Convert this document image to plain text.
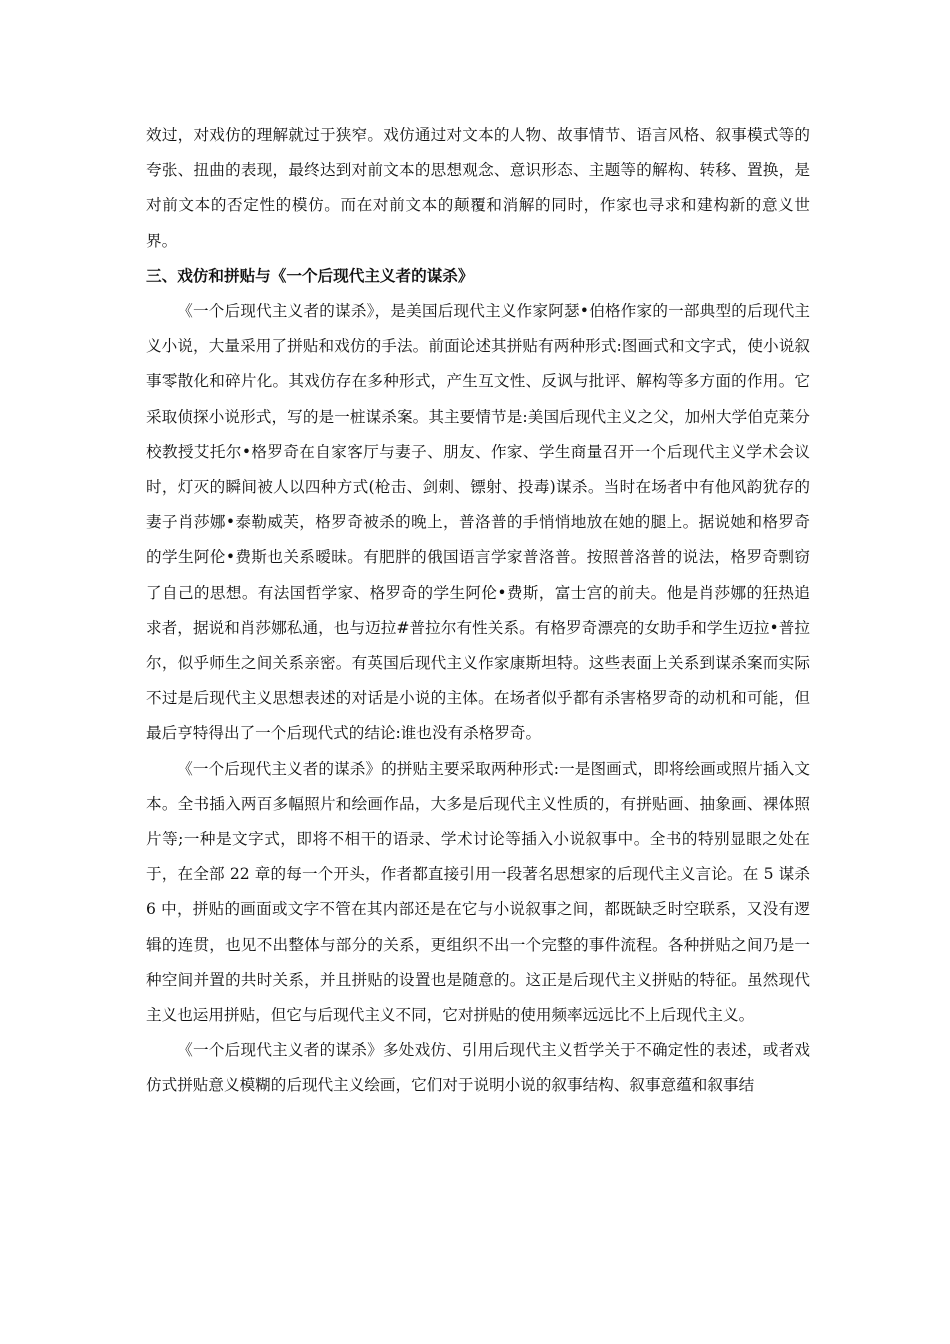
效过，对戏仿的理解就过于狭窄。戏仿通过对文本的人物、故事情节、语言风格、叙事模式等的夸张、扭曲的表现，最终达到对前文本的思想观念、意识形态、主题等的解构、转移、置换，是对前文本的否定性的模仿。而在对前文本的颠覆和消解的同时，作家也寻求和建构新的意义世界。

三、戏仿和拼贴与《一个后现代主义者的谋杀》

《一个后现代主义者的谋杀》，是美国后现代主义作家阿瑟•伯格作家的一部典型的后现代主义小说，大量采用了拼贴和戏仿的手法。前面论述其拼贴有两种形式:图画式和文字式，使小说叙事零散化和碎片化。其戏仿存在多种形式，产生互文性、反讽与批评、解构等多方面的作用。它采取侦探小说形式，写的是一桩谋杀案。其主要情节是:美国后现代主义之父，加州大学伯克莱分校教授艾托尔•格罗奇在自家客厅与妻子、朋友、作家、学生商量召开一个后现代主义学术会议时，灯灭的瞬间被人以四种方式(枪击、剑刺、镖射、投毒)谋杀。当时在场者中有他风韵犹存的妻子肖莎娜•泰勒威芙，格罗奇被杀的晚上，普洛普的手悄悄地放在她的腿上。据说她和格罗奇的学生阿伦•费斯也关系暧昧。有肥胖的俄国语言学家普洛普。按照普洛普的说法，格罗奇剽窃了自己的思想。有法国哲学家、格罗奇的学生阿伦•费斯，富士宫的前夫。他是肖莎娜的狂热追求者，据说和肖莎娜私通，也与迈拉#普拉尔有性关系。有格罗奇漂亮的女助手和学生迈拉•普拉尔，似乎师生之间关系亲密。有英国后现代主义作家康斯坦特。这些表面上关系到谋杀案而实际不过是后现代主义思想表述的对话是小说的主体。在场者似乎都有杀害格罗奇的动机和可能，但最后亨特得出了一个后现代式的结论:谁也没有杀格罗奇。

《一个后现代主义者的谋杀》的拼贴主要采取两种形式:一是图画式，即将绘画或照片插入文本。全书插入两百多幅照片和绘画作品，大多是后现代主义性质的，有拼贴画、抽象画、裸体照片等;一种是文字式，即将不相干的语录、学术讨论等插入小说叙事中。全书的特别显眼之处在于，在全部 22 章的每一个开头，作者都直接引用一段著名思想家的后现代主义言论。在 5 谋杀 6 中，拼贴的画面或文字不管在其内部还是在它与小说叙事之间，都既缺乏时空联系，又没有逻辑的连贯，也见不出整体与部分的关系，更组织不出一个完整的事件流程。各种拼贴之间乃是一种空间并置的共时关系，并且拼贴的设置也是随意的。这正是后现代主义拼贴的特征。虽然现代主义也运用拼贴，但它与后现代主义不同，它对拼贴的使用频率远远比不上后现代主义。

《一个后现代主义者的谋杀》多处戏仿、引用后现代主义哲学关于不确定性的表述，或者戏仿式拼贴意义模糊的后现代主义绘画，它们对于说明小说的叙事结构、叙事意蕴和叙事结
